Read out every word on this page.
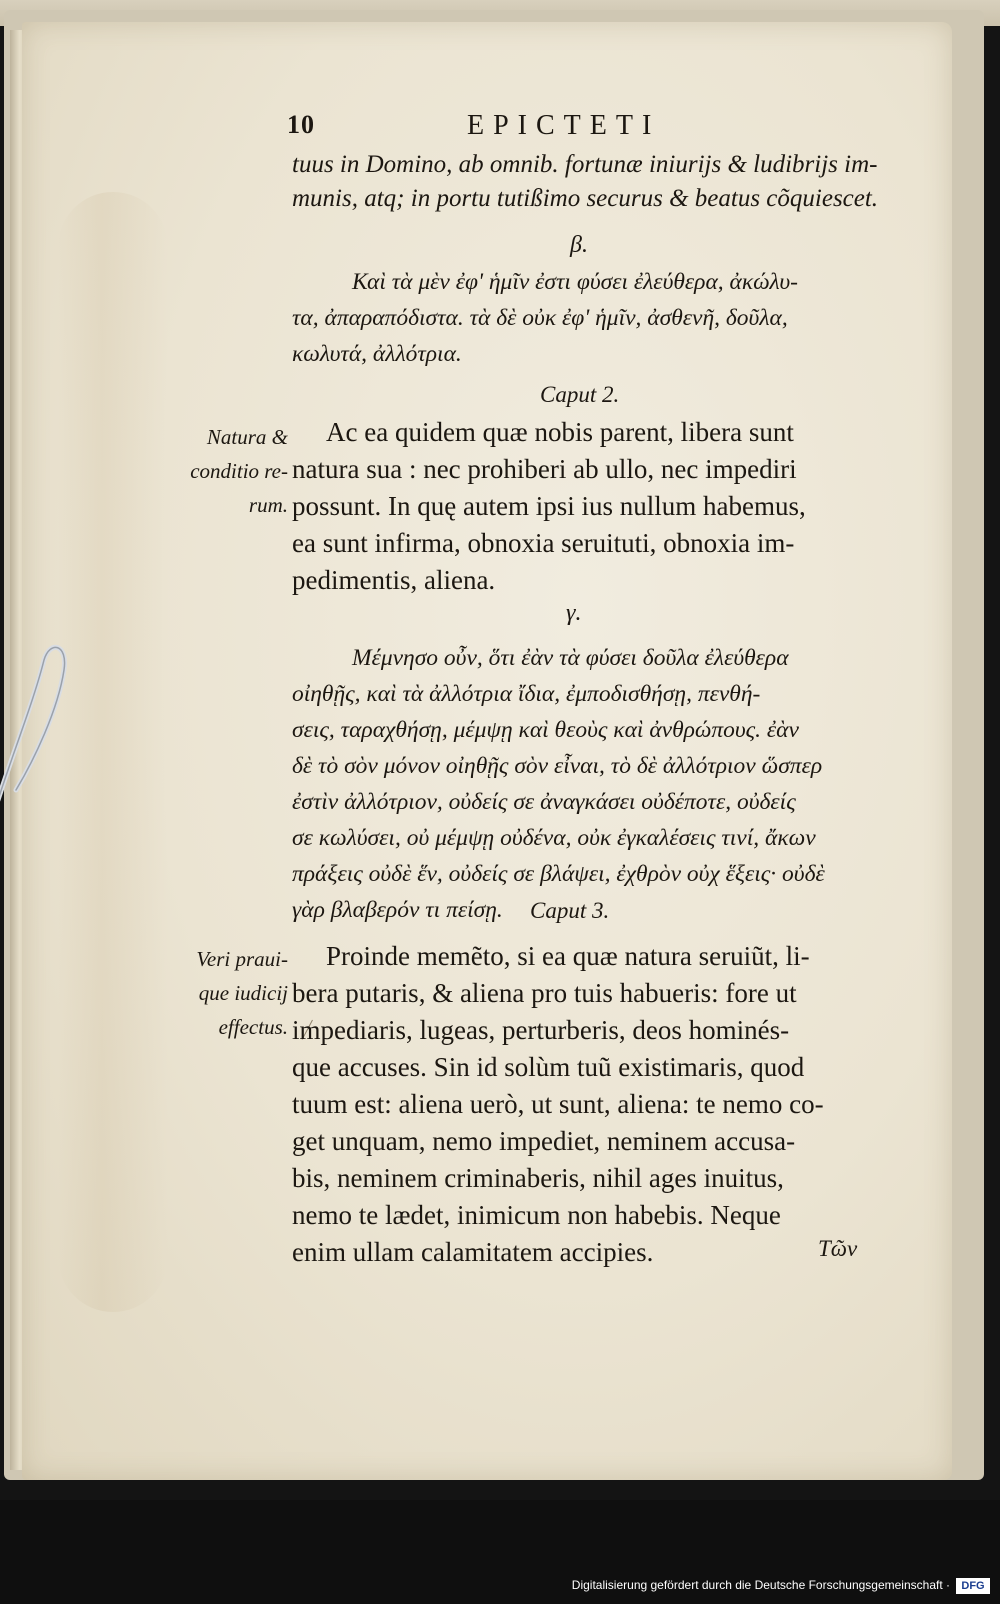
10	EPICTETI
tuus in Domino, ab omnib. fortunæ iniurijs & ludibrijs im-
munis, atq; in portu tutißimo securus & beatus cõquiescet.
β.
Καὶ τὰ μὲν ἐφ' ἡμῖν ἐστι φύσει ἐλεύθερα, ἀκώλυ-
τα, ἀπαραπόδιστα. τὰ δὲ οὐκ ἐφ' ἡμῖν, ἀσθενῆ, δοῦλα,
κωλυτά, ἀλλότρια.
Caput 2.
Natura &
conditio re-
rum.
Ac ea quidem quæ nobis parent, libera sunt
natura sua : nec prohiberi ab ullo, nec impediri
possunt. In quę autem ipsi ius nullum habemus,
ea sunt infirma, obnoxia seruituti, obnoxia im-
pedimentis, aliena.
γ.
Μέμνησο οὖν, ὅτι ἐὰν τὰ φύσει δοῦλα ἐλεύθερα
οἰηθῇς, καὶ τὰ ἀλλότρια ἴδια, ἐμποδισθήσῃ, πενθή-
σεις, ταραχθήσῃ, μέμψῃ καὶ θεοὺς καὶ ἀνθρώπους. ἐὰν
δὲ τὸ σὸν μόνον οἰηθῇς σὸν εἶναι, τὸ δὲ ἀλλότριον ὥσπερ
ἐστὶν ἀλλότριον, οὐδείς σε ἀναγκάσει οὐδέποτε, οὐδείς
σε κωλύσει, οὐ μέμψῃ οὐδένα, οὐκ ἐγκαλέσεις τινί, ἄκων
πράξεις οὐδὲ ἕν, οὐδείς σε βλάψει, ἐχθρὸν οὐχ ἕξεις· οὐδὲ
γὰρ βλαβερόν τι πείσῃ.	Caput 3.
Veri praui-
que iudicij
effectus.
Proinde memẽto, si ea quæ natura seruiũt, li-
bera putaris, & aliena pro tuis habueris: fore ut
impediaris, lugeas, perturberis, deos hominés-
que accuses. Sin id solùm tuũ existimaris, quod
tuum est: aliena uerò, ut sunt, aliena: te nemo co-
get unquam, nemo impediet, neminem accusa-
bis, neminem criminaberis, nihil ages inuitus,
nemo te lædet, inimicum non habebis. Neque
enim ullam calamitatem accipies.	Τῶν
Digitalisierung gefördert durch die Deutsche Forschungsgemeinschaft ·	DFG
